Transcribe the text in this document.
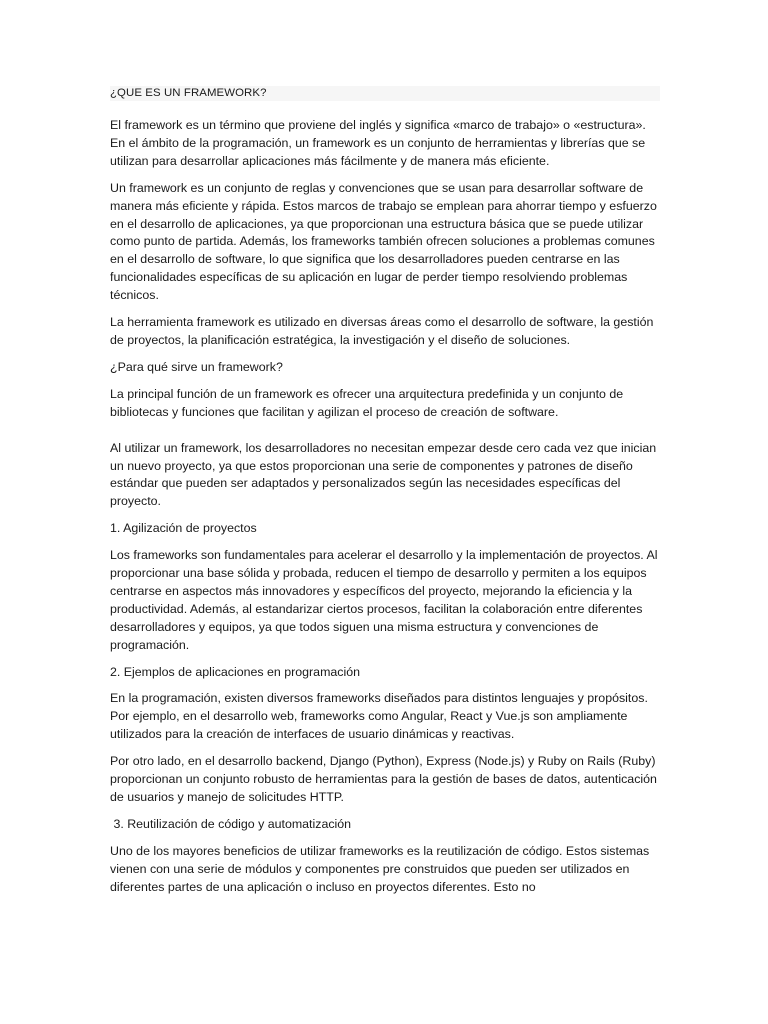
¿QUE ES UN FRAMEWORK?

El framework es un término que proviene del inglés y significa «marco de trabajo» o «estructura». En el ámbito de la programación, un framework es un conjunto de herramientas y librerías que se utilizan para desarrollar aplicaciones más fácilmente y de manera más eficiente.

Un framework es un conjunto de reglas y convenciones que se usan para desarrollar software de manera más eficiente y rápida. Estos marcos de trabajo se emplean para ahorrar tiempo y esfuerzo en el desarrollo de aplicaciones, ya que proporcionan una estructura básica que se puede utilizar como punto de partida. Además, los frameworks también ofrecen soluciones a problemas comunes en el desarrollo de software, lo que significa que los desarrolladores pueden centrarse en las funcionalidades específicas de su aplicación en lugar de perder tiempo resolviendo problemas técnicos.

La herramienta framework es utilizado en diversas áreas como el desarrollo de software, la gestión de proyectos, la planificación estratégica, la investigación y el diseño de soluciones.

¿Para qué sirve un framework?

La principal función de un framework es ofrecer una arquitectura predefinida y un conjunto de bibliotecas y funciones que facilitan y agilizan el proceso de creación de software.

Al utilizar un framework, los desarrolladores no necesitan empezar desde cero cada vez que inician un nuevo proyecto, ya que estos proporcionan una serie de componentes y patrones de diseño estándar que pueden ser adaptados y personalizados según las necesidades específicas del proyecto.

1. Agilización de proyectos

Los frameworks son fundamentales para acelerar el desarrollo y la implementación de proyectos. Al proporcionar una base sólida y probada, reducen el tiempo de desarrollo y permiten a los equipos centrarse en aspectos más innovadores y específicos del proyecto, mejorando la eficiencia y la productividad. Además, al estandarizar ciertos procesos, facilitan la colaboración entre diferentes desarrolladores y equipos, ya que todos siguen una misma estructura y convenciones de programación.

2. Ejemplos de aplicaciones en programación

En la programación, existen diversos frameworks diseñados para distintos lenguajes y propósitos. Por ejemplo, en el desarrollo web, frameworks como Angular, React y Vue.js son ampliamente utilizados para la creación de interfaces de usuario dinámicas y reactivas.

Por otro lado, en el desarrollo backend, Django (Python), Express (Node.js) y Ruby on Rails (Ruby) proporcionan un conjunto robusto de herramientas para la gestión de bases de datos, autenticación de usuarios y manejo de solicitudes HTTP.

3. Reutilización de código y automatización

Uno de los mayores beneficios de utilizar frameworks es la reutilización de código. Estos sistemas vienen con una serie de módulos y componentes pre construidos que pueden ser utilizados en diferentes partes de una aplicación o incluso en proyectos diferentes. Esto no
